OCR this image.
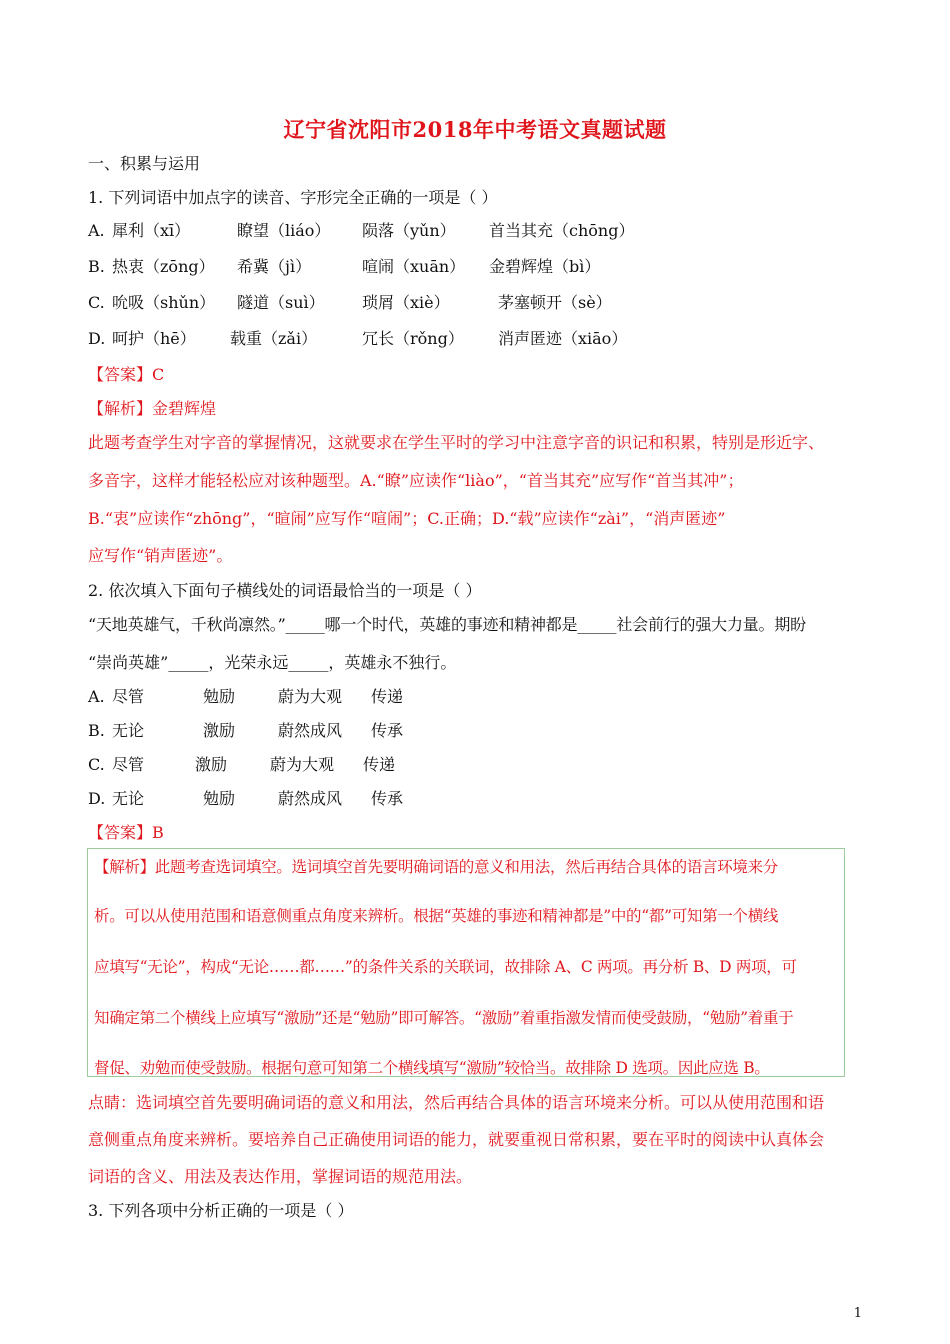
辽宁省沈阳市2018年中考语文真题试题
一、积累与运用
1. 下列词语中加点字的读音、字形完全正确的一项是（ ）
A. 犀利（xī）	瞭望（liáo） 陨落（yǔn） 首当其充（chōng）
B. 热衷（zōng） 希冀（jì）	喧闹（xuān） 金碧辉煌（bì）
C. 吮吸（shǔn） 隧道（suì） 琐屑（xiè）	茅塞顿开（sè）
D. 呵护（hē） 载重（zǎi）	冗长（rǒng） 消声匿迹（xiāo）
【答案】C
【解析】金碧辉煌
此题考查学生对字音的掌握情况，这就要求在学生平时的学习中注意字音的识记和积累，特别是形近字、
多音字，这样才能轻松应对该种题型。A.“瞭”应读作“liào”，“首当其充”应写作“首当其冲”；
B.“衷”应读作“zhōng”，“暄闹”应写作“喧闹”；C.正确；D.“载”应读作“zài”，“消声匿迹”
应写作“销声匿迹”。
2. 依次填入下面句子横线处的词语最恰当的一项是（ ）
“天地英雄气，千秋尚凛然。”_____哪一个时代，英雄的事迹和精神都是_____社会前行的强大力量。期盼
“崇尚英雄”_____，光荣永远_____，英雄永不独行。
A. 尽管	勉励	蔚为大观 传递
B. 无论	激励	蔚然成风 传承
C. 尽管	激励	蔚为大观 传递
D. 无论	勉励	蔚然成风 传承
【答案】B
【解析】此题考查选词填空。选词填空首先要明确词语的意义和用法，然后再结合具体的语言环境来分
析。可以从使用范围和语意侧重点角度来辨析。根据“英雄的事迹和精神都是”中的“都”可知第一个横线
应填写“无论”，构成“无论……都……”的条件关系的关联词，故排除 A、C 两项。再分析 B、D 两项，可
知确定第二个横线上应填写“激励”还是“勉励”即可解答。“激励”着重指激发情而使受鼓励，“勉励”着重于
督促、劝勉而使受鼓励。根据句意可知第二个横线填写“激励”较恰当。故排除 D 选项。因此应选 B。
点睛：选词填空首先要明确词语的意义和用法，然后再结合具体的语言环境来分析。可以从使用范围和语
意侧重点角度来辨析。要培养自己正确使用词语的能力，就要重视日常积累，要在平时的阅读中认真体会
词语的含义、用法及表达作用，掌握词语的规范用法。
3. 下列各项中分析正确的一项是（ ）
1
